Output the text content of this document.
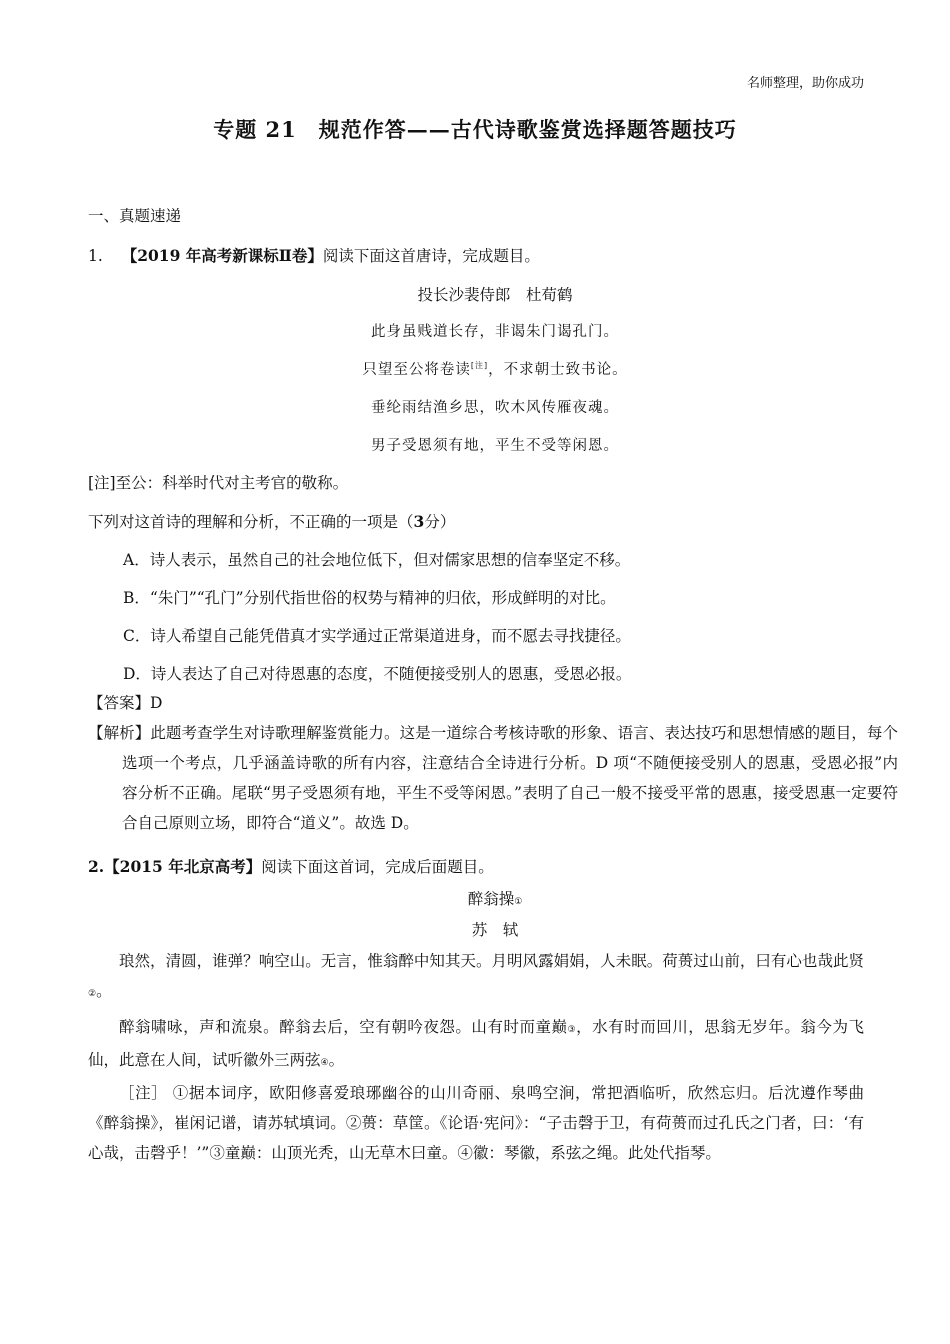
名师整理，助你成功
专题 21　规范作答——古代诗歌鉴赏选择题答题技巧
一、真题速递
1. 【2019 年高考新课标Ⅱ卷】阅读下面这首唐诗，完成题目。
投长沙裴侍郎　杜荀鹤
此身虽贱道长存，非谒朱门谒孔门。
只望至公将卷读[注]，不求朝士致书论。
垂纶雨结渔乡思，吹木风传雁夜魂。
男子受恩须有地，平生不受等闲恩。
[注]至公：科举时代对主考官的敬称。
下列对这首诗的理解和分析，不正确的一项是（3分）
A．诗人表示，虽然自己的社会地位低下，但对儒家思想的信奉坚定不移。
B．“朱门”“孔门”分别代指世俗的权势与精神的归依，形成鲜明的对比。
C．诗人希望自己能凭借真才实学通过正常渠道进身，而不愿去寻找捷径。
D．诗人表达了自己对待恩惠的态度，不随便接受别人的恩惠，受恩必报。
【答案】D
【解析】此题考查学生对诗歌理解鉴赏能力。这是一道综合考核诗歌的形象、语言、表达技巧和思想情感的题目，每个选项一个考点，几乎涵盖诗歌的所有内容，注意结合全诗进行分析。D 项“不随便接受别人的恩惠，受恩必报”内容分析不正确。尾联“男子受恩须有地，平生不受等闲恩。”表明了自己一般不接受平常的恩惠，接受恩惠一定要符合自己原则立场，即符合“道义”。故选 D。
2.【2015 年北京高考】阅读下面这首词，完成后面题目。
醉翁操①
苏　轼
琅然，清圆，谁弹？响空山。无言，惟翁醉中知其天。月明风露娟娟，人未眠。荷蒉过山前，曰有心也哉此贤②。
醉翁啸咏，声和流泉。醉翁去后，空有朝吟夜怨。山有时而童巅③，水有时而回川，思翁无岁年。翁今为飞仙，此意在人间，试听徽外三两弦④。
［注］ ①据本词序，欧阳修喜爱琅琊幽谷的山川奇丽、泉鸣空涧，常把酒临听，欣然忘归。后沈遵作琴曲《醉翁操》，崔闲记谱，请苏轼填词。②蒉：草筐。《论语·宪问》：“子击磬于卫，有荷蒉而过孔氏之门者，曰：‘有心哉，击磬乎！’”③童巅：山顶光秃，山无草木曰童。④徽：琴徽，系弦之绳。此处代指琴。
